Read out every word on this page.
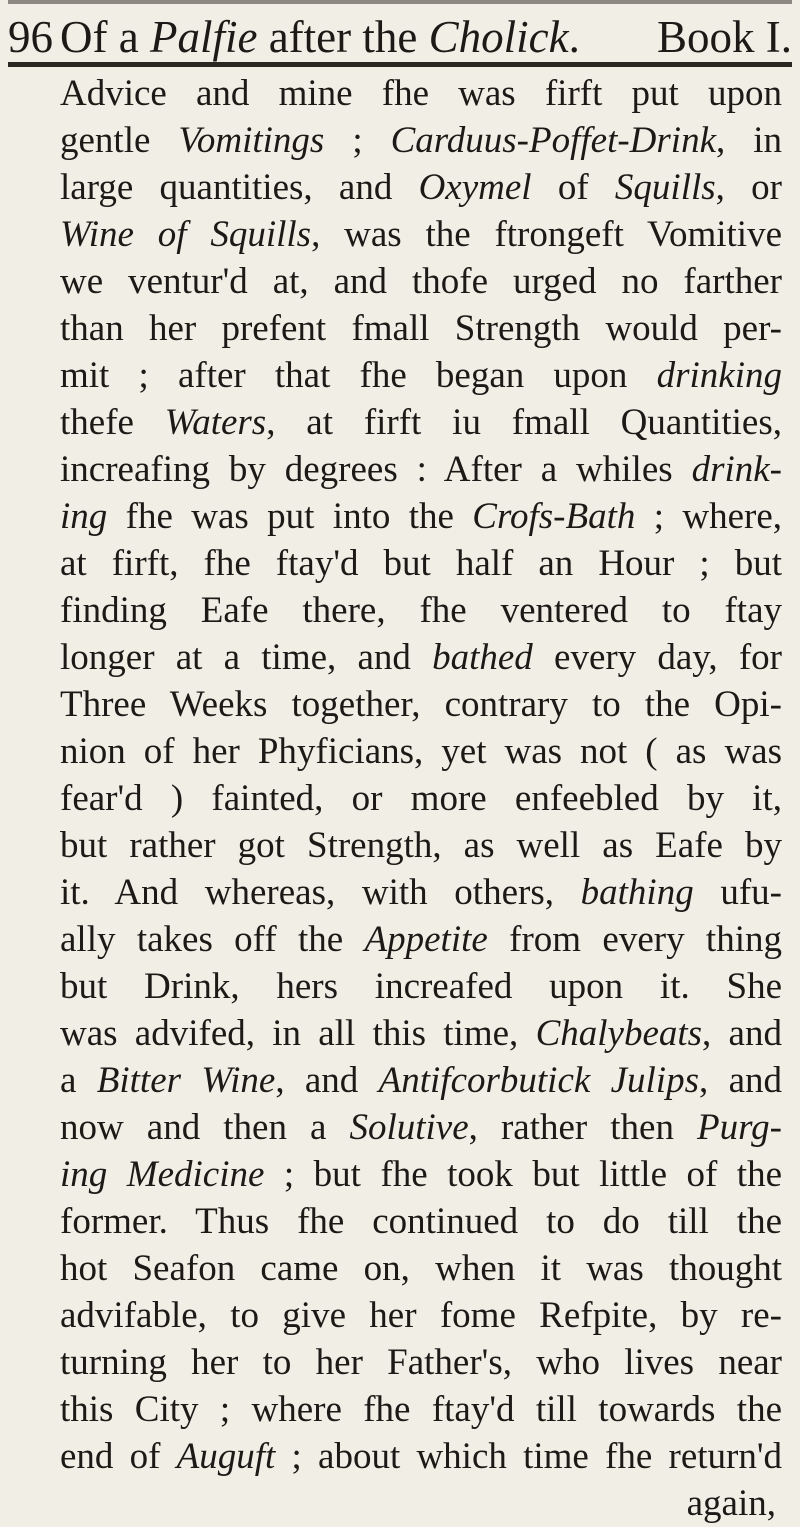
96 Of a Palfie after the Cholick. Book I.
Advice and mine fhe was firft put upon
gentle Vomitings ; Carduus-Poffet-Drink, in
large quantities, and Oxymel of Squills, or
Wine of Squills, was the ftrongeft Vomitive
we ventur'd at, and thofe urged no farther
than her prefent fmall Strength would per-
mit ; after that fhe began upon drinking
thefe Waters, at firft iu fmall Quantities,
increafing by degrees : After a whiles drink-
ing fhe was put into the Crofs-Bath ; where,
at firft, fhe ftay'd but half an Hour ; but
finding Eafe there, fhe ventered to ftay
longer at a time, and bathed every day, for
Three Weeks together, contrary to the Opi-
nion of her Phyficians, yet was not ( as was
fear'd ) fainted, or more enfeebled by it,
but rather got Strength, as well as Eafe by
it. And whereas, with others, bathing ufu-
ally takes off the Appetite from every thing
but Drink, hers increafed upon it. She
was advifed, in all this time, Chalybeats, and
a Bitter Wine, and Antifcorbutick Julips, and
now and then a Solutive, rather then Purg-
ing Medicine ; but fhe took but little of the
former. Thus fhe continued to do till the
hot Seafon came on, when it was thought
advifable, to give her fome Refpite, by re-
turning her to her Father's, who lives near
this City ; where fhe ftay'd till towards the
end of Auguft ; about which time fhe return'd
again,
